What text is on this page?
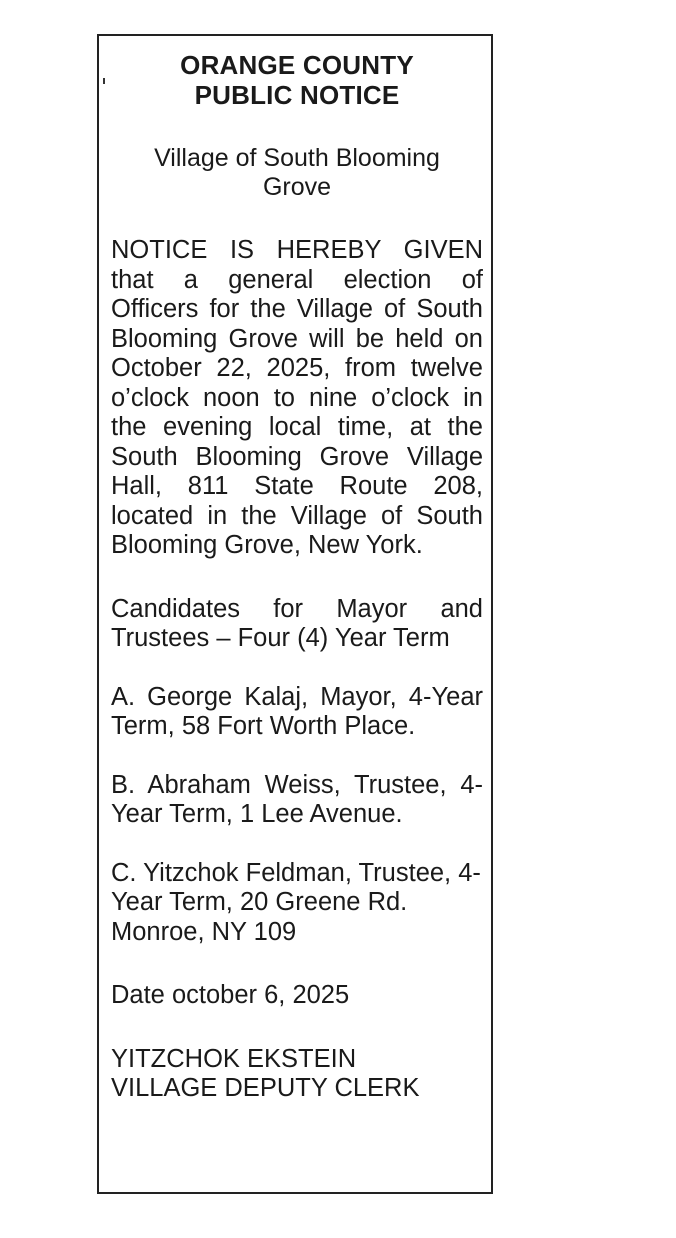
ORANGE COUNTY

PUBLIC NOTICE

Village of South Blooming Grove

NOTICE IS HEREBY GIVEN that a general election of Officers for the Village of South Blooming Grove will be held on October 22, 2025, from twelve o’clock noon to nine o’clock in the evening local time, at the South Blooming Grove Village Hall, 811 State Route 208, located in the Village of South Blooming Grove, New York.

Candidates for Mayor and Trustees – Four (4) Year Term

A. George Kalaj, Mayor, 4-Year Term, 58 Fort Worth Place.

B. Abraham Weiss, Trustee, 4-Year Term, 1 Lee Avenue.

C. Yitzchok Feldman, Trustee, 4-Year Term, 20 Greene Rd. Monroe, NY 109

Date october 6, 2025

YITZCHOK EKSTEIN

VILLAGE DEPUTY CLERK
